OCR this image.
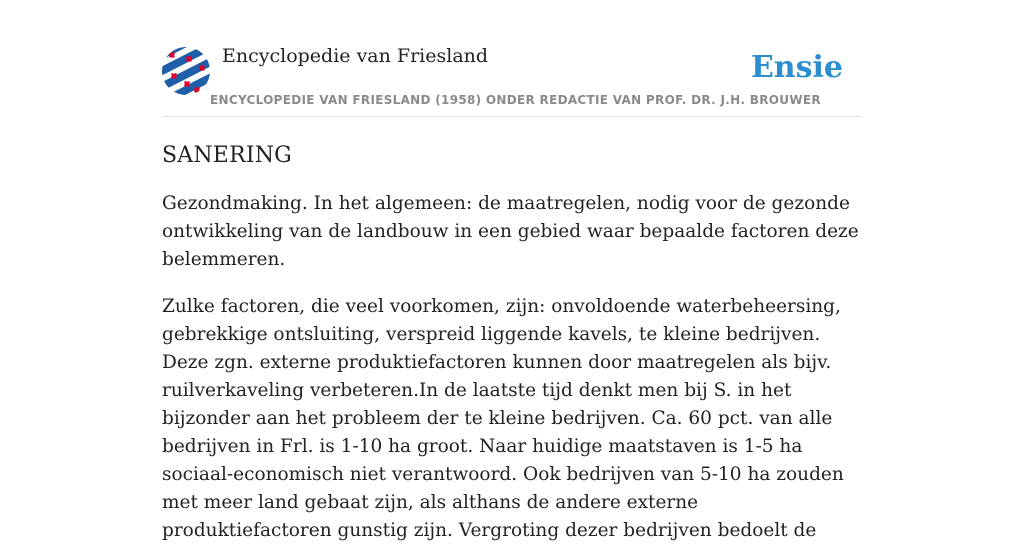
Encyclopedie van Friesland
ENCYCLOPEDIE VAN FRIESLAND (1958) ONDER REDACTIE VAN PROF. DR. J.H. BROUWER
Ensie
SANERING

Gezondmaking. In het algemeen: de maatregelen, nodig voor de gezonde ontwikkeling van de landbouw in een gebied waar bepaalde factoren deze belemmeren.

Zulke factoren, die veel voorkomen, zijn: onvoldoende waterbeheersing, gebrekkige ontsluiting, verspreid liggende kavels, te kleine bedrijven. Deze zgn. externe produktiefactoren kunnen door maatregelen als bijv. ruilverkaveling verbeteren.In de laatste tijd denkt men bij S. in het bijzonder aan het probleem der te kleine bedrijven. Ca. 60 pct. van alle bedrijven in Frl. is 1-10 ha groot. Naar huidige maatstaven is 1-5 ha sociaal-economisch niet verantwoord. Ook bedrijven van 5-10 ha zouden met meer land gebaat zijn, als althans de andere externe produktiefactoren gunstig zijn. Vergroting dezer bedrijven bedoelt de
